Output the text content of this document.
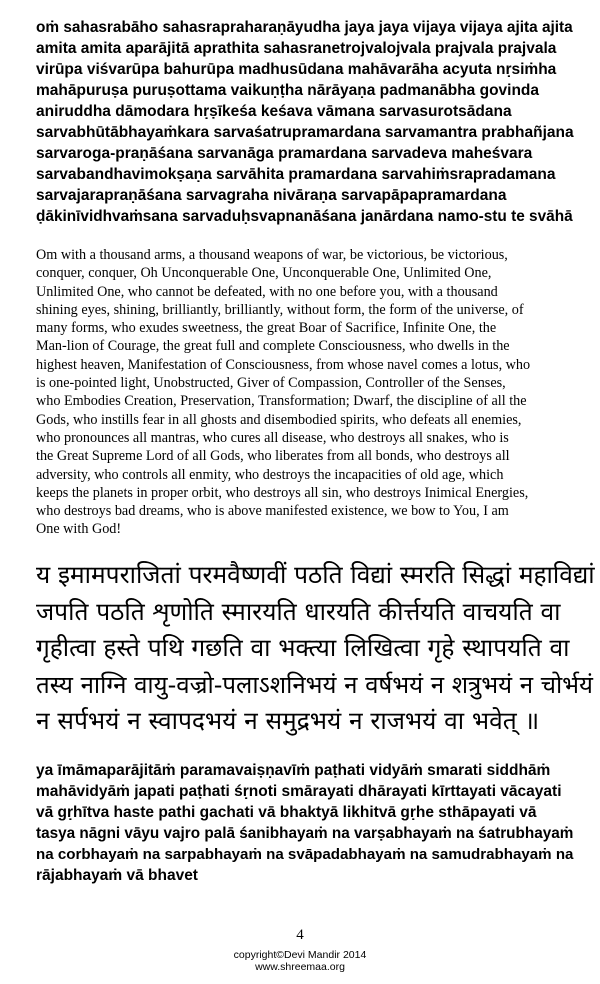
oṁ sahasrabāho sahasrapraharaṇāyudha jaya jaya vijaya vijaya ajita ajita
amita amita aparājitā aprathita sahasranetrojvalojvala prajvala prajvala
virūpa viśvarūpa bahurūpa madhusūdana mahāvarāha acyuta nṛsiṁha
mahāpuruṣa puruṣottama vaikuṇṭha nārāyaṇa padmanābha govinda
aniruddha dāmodara hṛṣīkeśa keśava vāmana sarvasurotsādana
sarvabhūtābhayaṁkara sarvaśatrupramardana sarvamantra prabhañjana
sarvaroga-praṇāśana sarvanāga pramardana sarvadeva maheśvara
sarvabandhavimokṣaṇa sarvāhita pramardana sarvahiṁsrapradamana
sarvajarapraṇāśana sarvagraha nivāraṇa sarvapāpapramardana
ḍākinīvidhvaṁsana sarvaduḥsvapnanāśana janārdana namo-stu te svāhā
Om with a thousand arms, a thousand weapons of war, be victorious, be victorious,
conquer, conquer, Oh Unconquerable One, Unconquerable One, Unlimited One,
Unlimited One, who cannot be defeated, with no one before you, with a thousand
shining eyes, shining, brilliantly, brilliantly, without form, the form of the universe, of
many forms, who exudes sweetness, the great Boar of Sacrifice, Infinite One, the
Man-lion of Courage, the great full and complete Consciousness, who dwells in the
highest heaven, Manifestation of Consciousness, from whose navel comes a lotus, who
is one-pointed light, Unobstructed, Giver of Compassion, Controller of the Senses,
who Embodies Creation, Preservation, Transformation; Dwarf, the discipline of all the
Gods, who instills fear in all ghosts and disembodied spirits, who defeats all enemies,
who pronounces all mantras, who cures all disease, who destroys all snakes, who is
the Great Supreme Lord of all Gods, who liberates from all bonds, who destroys all
adversity, who controls all enmity, who destroys the incapacities of old age, which
keeps the planets in proper orbit, who destroys all sin, who destroys Inimical Energies,
who destroys bad dreams, who is above manifested existence, we bow to You, I am
One with God!
य इमामपराजितां परमवैष्णवीं पठति विद्यां स्मरति सिद्धां महाविद्यां
जपति पठति शृणोति स्मारयति धारयति कीर्त्तयति वाचयति वा
गृहीत्वा हस्ते पथि गछति वा भक्त्या लिखित्वा गृहे स्थापयति वा
तस्य नाग्नि वायु-वज्रो-पलाऽशनिभयं न वर्षभयं न शत्रुभयं न चोर्भयं
न सर्पभयं न स्वापदभयं न समुद्रभयं न राजभयं वा भवेत् ॥
ya īmāmaparājitāṁ paramavaiṣṇavīṁ paṭhati vidyāṁ smarati siddhāṁ
mahāvidyāṁ japati paṭhati śṛnoti smārayati dhārayati kīrttayati vācayati
vā gṛhītva haste pathi gachati vā bhaktyā likhitvā gṛhe sthāpayati vā
tasya nāgni vāyu vajro palā śanibhayaṁ na varṣabhayaṁ na śatrubhayaṁ
na corbhayaṁ na sarpabhayaṁ na svāpadabhayaṁ na samudrabhayaṁ na
rājabhayaṁ vā bhavet
4
copyright©Devi Mandir 2014
www.shreemaa.org
